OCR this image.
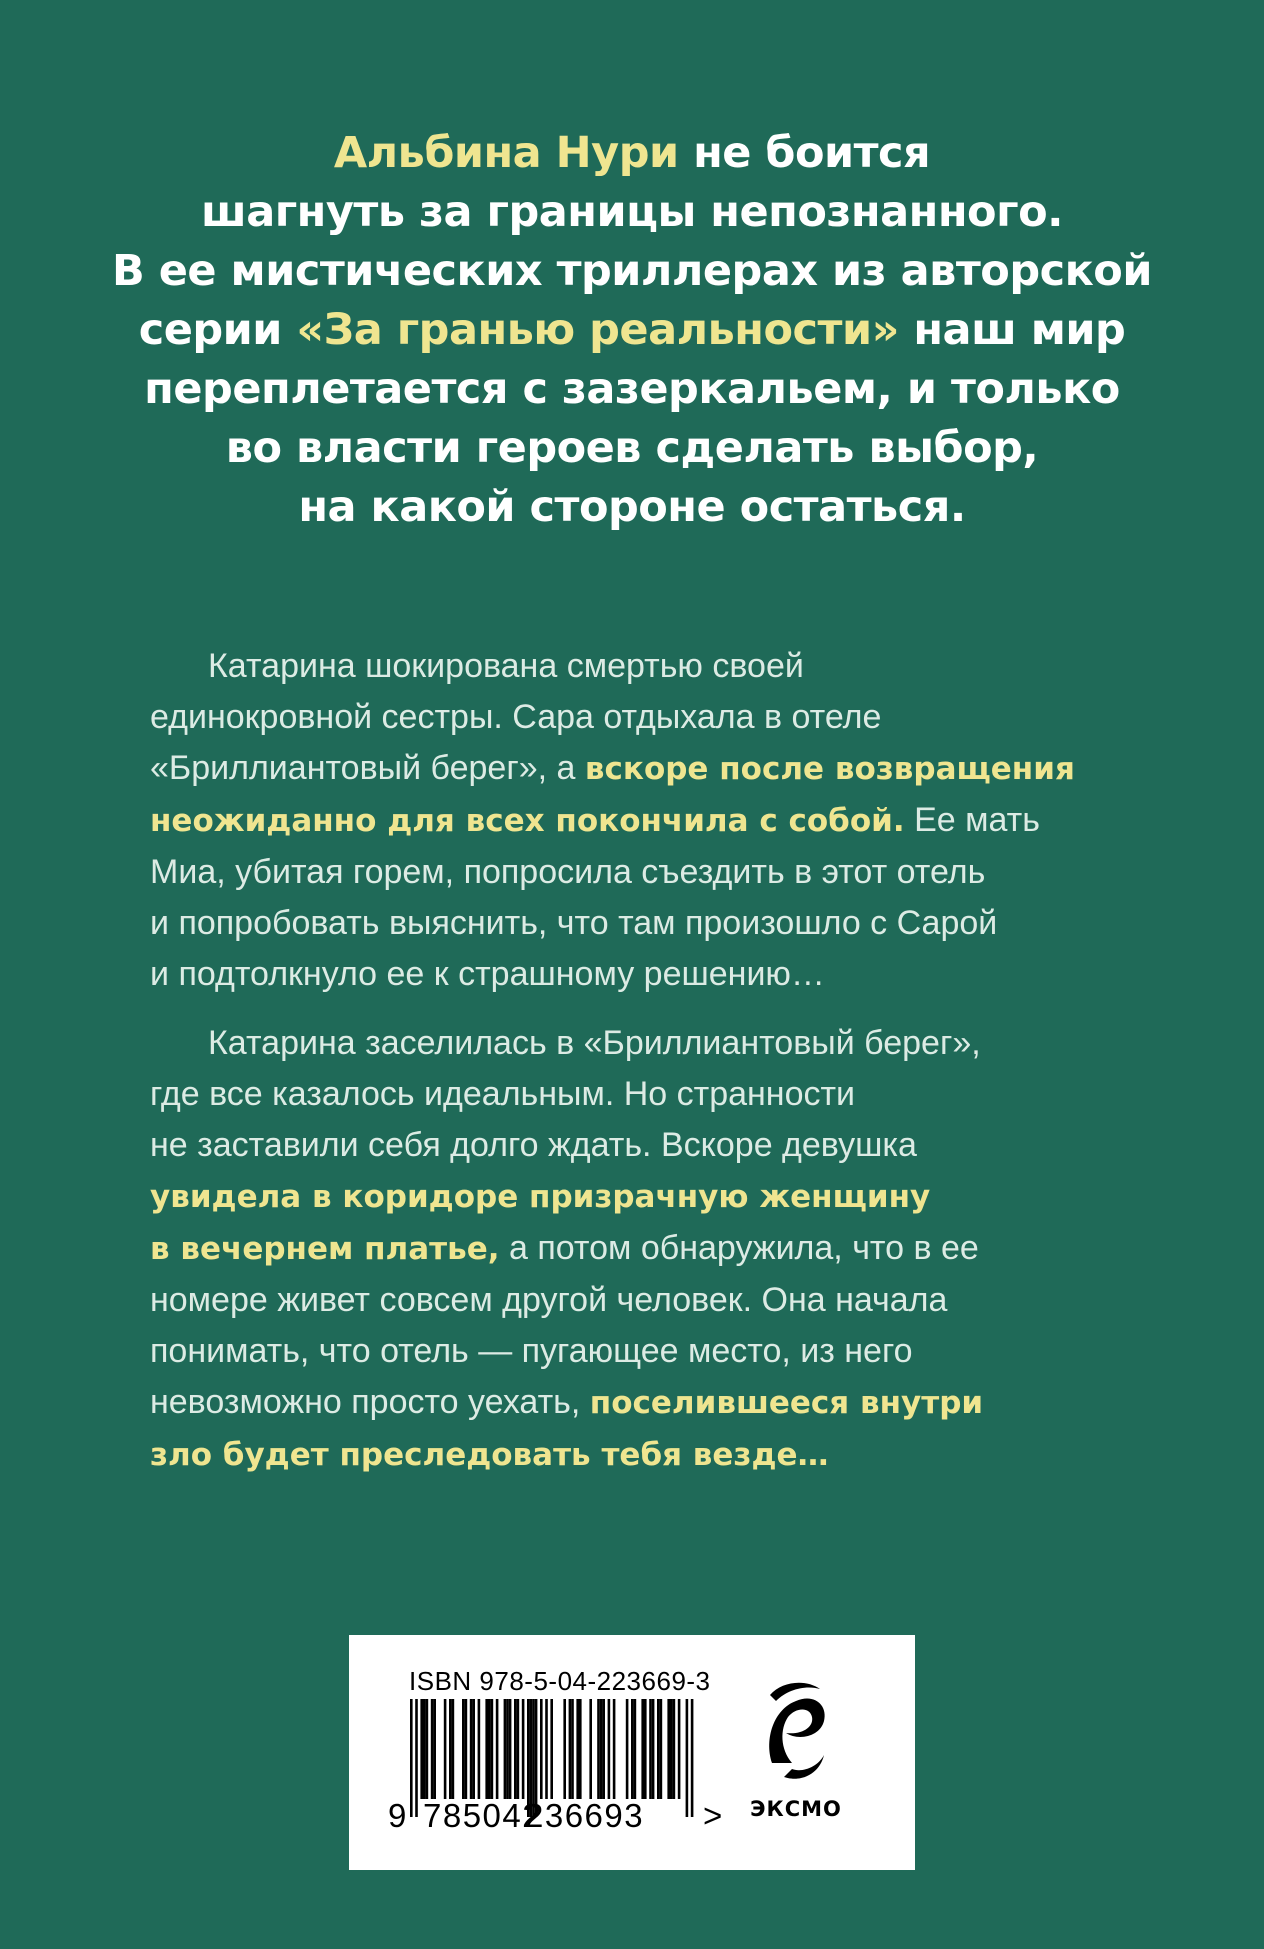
Альбина Нури не боится
шагнуть за границы непознанного.
В ее мистических триллерах из авторской
серии «За гранью реальности» наш мир
переплетается с зазеркальем, и только
во власти героев сделать выбор,
на какой стороне остаться.
Катарина шокирована смертью своей
единокровной сестры. Сара отдыхала в отеле
«Бриллиантовый берег», а вскоре после возвращения
неожиданно для всех покончила с собой. Ее мать
Миа, убитая горем, попросила съездить в этот отель
и попробовать выяснить, что там произошло с Сарой
и подтолкнуло ее к страшному решению…
Катарина заселилась в «Бриллиантовый берег»,
где все казалось идеальным. Но странности
не заставили себя долго ждать. Вскоре девушка
увидела в коридоре призрачную женщину
в вечернем платье, а потом обнаружила, что в ее
номере живет совсем другой человек. Она начала
понимать, что отель — пугающее место, из него
невозможно просто уехать, поселившееся внутри
зло будет преследовать тебя везде…
ISBN 978-5-04-223669-3
9 785042
236693 >	ЭКСМО
